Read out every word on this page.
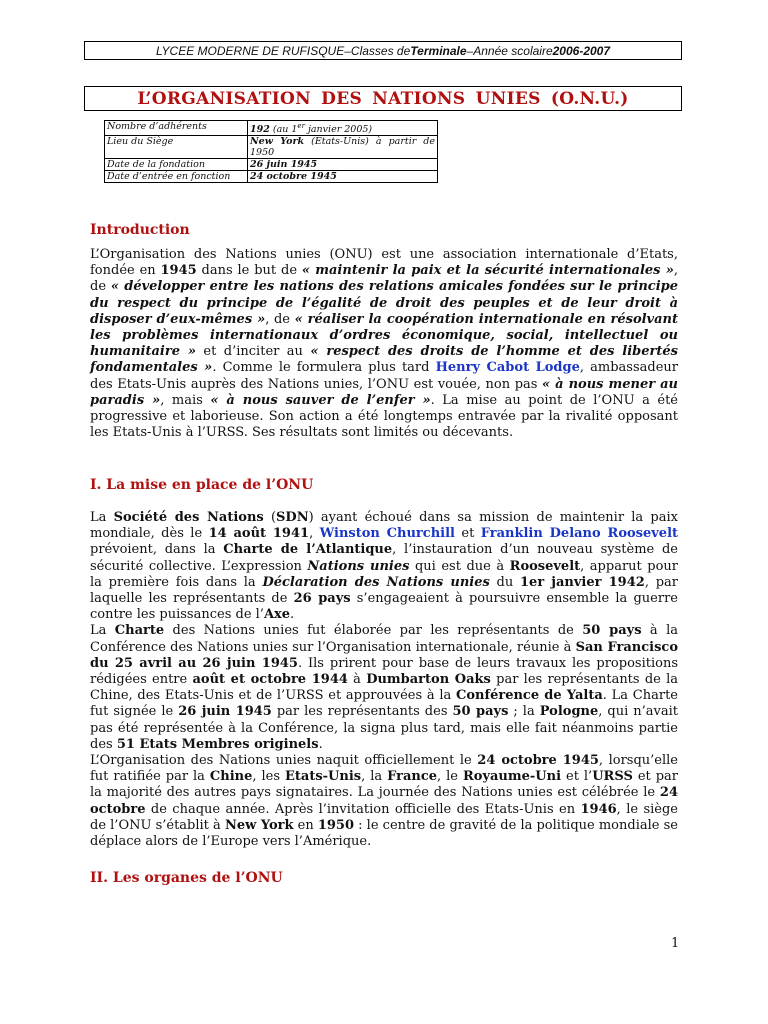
LYCEE MODERNE DE RUFISQUE – Classes de Terminale – Année scolaire 2006-2007
L’ORGANISATION DES NATIONS UNIES (O.N.U.)
Nombre d’adhérents	192 (au 1er janvier 2005)
Lieu du Siège	New York (Etats-Unis) à partir de 1950
Date de la fondation	26 juin 1945
Date d’entrée en fonction	24 octobre 1945
Introduction

L’Organisation des Nations unies (ONU) est une association internationale d’Etats, fondée en 1945 dans le but de « maintenir la paix et la sécurité internationales », de « développer entre les nations des relations amicales fondées sur le principe du respect du principe de l’égalité de droit des peuples et de leur droit à disposer d’eux-mêmes », de « réaliser la coopération internationale en résolvant les problèmes internationaux d’ordres économique, social, intellectuel ou humanitaire » et d’inciter au « respect des droits de l’homme et des libertés fondamentales ». Comme le formulera plus tard Henry Cabot Lodge, ambassadeur des Etats-Unis auprès des Nations unies, l’ONU est vouée, non pas « à nous mener au paradis », mais « à nous sauver de l’enfer ». La mise au point de l’ONU a été progressive et laborieuse. Son action a été longtemps entravée par la rivalité opposant les Etats-Unis à l’URSS. Ses résultats sont limités ou décevants.

I. La mise en place de l’ONU

La Société des Nations (SDN) ayant échoué dans sa mission de maintenir la paix mondiale, dès le 14 août 1941, Winston Churchill et Franklin Delano Roosevelt prévoient, dans la Charte de l’Atlantique, l’instauration d’un nouveau système de sécurité collective. L’expression Nations unies qui est due à Roosevelt, apparut pour la première fois dans la Déclaration des Nations unies du 1er janvier 1942, par laquelle les représentants de 26 pays s’engageaient à poursuivre ensemble la guerre contre les puissances de l’Axe.

La Charte des Nations unies fut élaborée par les représentants de 50 pays à la Conférence des Nations unies sur l’Organisation internationale, réunie à San Francisco du 25 avril au 26 juin 1945. Ils prirent pour base de leurs travaux les propositions rédigées entre août et octobre 1944 à Dumbarton Oaks par les représentants de la Chine, des Etats-Unis et de l’URSS et approuvées à la Conférence de Yalta. La Charte fut signée le 26 juin 1945 par les représentants des 50 pays ; la Pologne, qui n’avait pas été représentée à la Conférence, la signa plus tard, mais elle fait néanmoins partie des 51 Etats Membres originels.

L’Organisation des Nations unies naquit officiellement le 24 octobre 1945, lorsqu’elle fut ratifiée par la Chine, les Etats-Unis, la France, le Royaume-Uni et l’URSS et par la majorité des autres pays signataires. La journée des Nations unies est célébrée le 24 octobre de chaque année. Après l’invitation officielle des Etats-Unis en 1946, le siège de l’ONU s’établit à New York en 1950 : le centre de gravité de la politique mondiale se déplace alors de l’Europe vers l’Amérique.

II. Les organes de l’ONU
1
